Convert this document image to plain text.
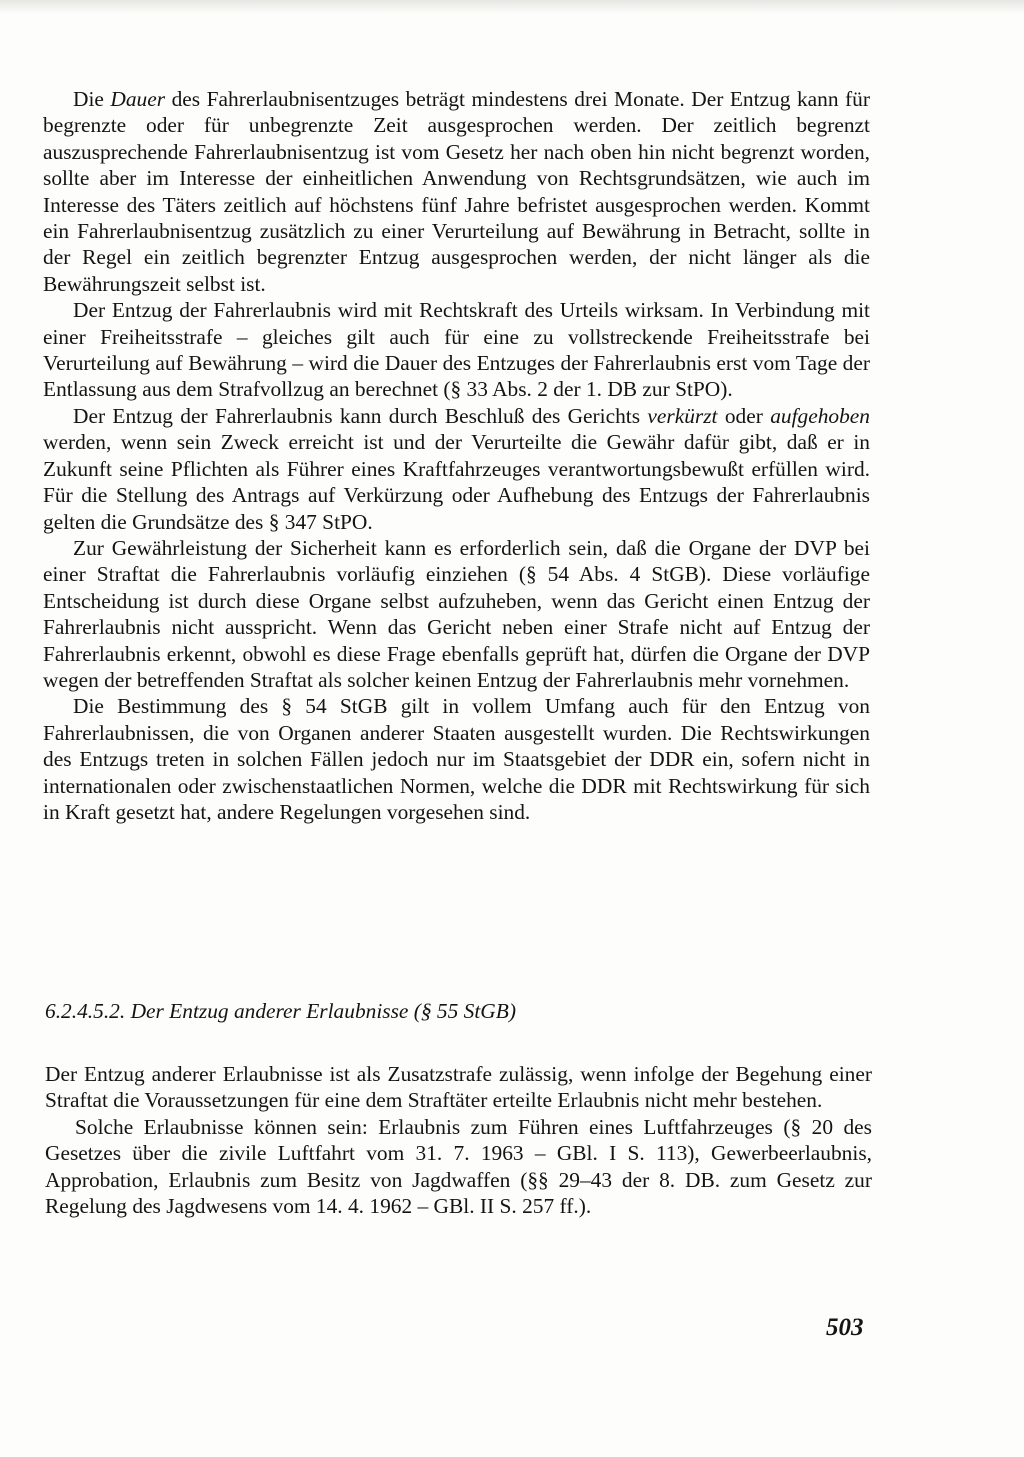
Die Dauer des Fahrerlaubnisentzuges beträgt mindestens drei Monate. Der Entzug kann für begrenzte oder für unbegrenzte Zeit ausgesprochen werden. Der zeitlich begrenzt auszusprechende Fahrerlaubnisentzug ist vom Gesetz her nach oben hin nicht begrenzt worden, sollte aber im Interesse der einheitlichen Anwendung von Rechtsgrundsätzen, wie auch im Interesse des Täters zeitlich auf höchstens fünf Jahre befristet ausgesprochen werden. Kommt ein Fahrerlaubnisentzug zusätzlich zu einer Verurteilung auf Bewährung in Betracht, sollte in der Regel ein zeitlich begrenzter Entzug ausgesprochen werden, der nicht länger als die Bewährungszeit selbst ist.

Der Entzug der Fahrerlaubnis wird mit Rechtskraft des Urteils wirksam. In Verbindung mit einer Freiheitsstrafe – gleiches gilt auch für eine zu vollstreckende Freiheitsstrafe bei Verurteilung auf Bewährung – wird die Dauer des Entzuges der Fahrerlaubnis erst vom Tage der Entlassung aus dem Strafvollzug an berechnet (§ 33 Abs. 2 der 1. DB zur StPO).

Der Entzug der Fahrerlaubnis kann durch Beschluß des Gerichts verkürzt oder aufgehoben werden, wenn sein Zweck erreicht ist und der Verurteilte die Gewähr dafür gibt, daß er in Zukunft seine Pflichten als Führer eines Kraftfahrzeuges verantwortungsbewußt erfüllen wird. Für die Stellung des Antrags auf Verkürzung oder Aufhebung des Entzugs der Fahrerlaubnis gelten die Grundsätze des § 347 StPO.

Zur Gewährleistung der Sicherheit kann es erforderlich sein, daß die Organe der DVP bei einer Straftat die Fahrerlaubnis vorläufig einziehen (§ 54 Abs. 4 StGB). Diese vorläufige Entscheidung ist durch diese Organe selbst aufzuheben, wenn das Gericht einen Entzug der Fahrerlaubnis nicht ausspricht. Wenn das Gericht neben einer Strafe nicht auf Entzug der Fahrerlaubnis erkennt, obwohl es diese Frage ebenfalls geprüft hat, dürfen die Organe der DVP wegen der betreffenden Straftat als solcher keinen Entzug der Fahrerlaubnis mehr vornehmen.

Die Bestimmung des § 54 StGB gilt in vollem Umfang auch für den Entzug von Fahrerlaubnissen, die von Organen anderer Staaten ausgestellt wurden. Die Rechtswirkungen des Entzugs treten in solchen Fällen jedoch nur im Staatsgebiet der DDR ein, sofern nicht in internationalen oder zwischenstaatlichen Normen, welche die DDR mit Rechtswirkung für sich in Kraft gesetzt hat, andere Regelungen vorgesehen sind.

6.2.4.5.2. Der Entzug anderer Erlaubnisse (§ 55 StGB)

Der Entzug anderer Erlaubnisse ist als Zusatzstrafe zulässig, wenn infolge der Begehung einer Straftat die Voraussetzungen für eine dem Straftäter erteilte Erlaubnis nicht mehr bestehen.

Solche Erlaubnisse können sein: Erlaubnis zum Führen eines Luftfahrzeuges (§ 20 des Gesetzes über die zivile Luftfahrt vom 31. 7. 1963 – GBl. I S. 113), Gewerbeerlaubnis, Approbation, Erlaubnis zum Besitz von Jagdwaffen (§§ 29–43 der 8. DB. zum Gesetz zur Regelung des Jagdwesens vom 14. 4. 1962 – GBl. II S. 257 ff.).

503
